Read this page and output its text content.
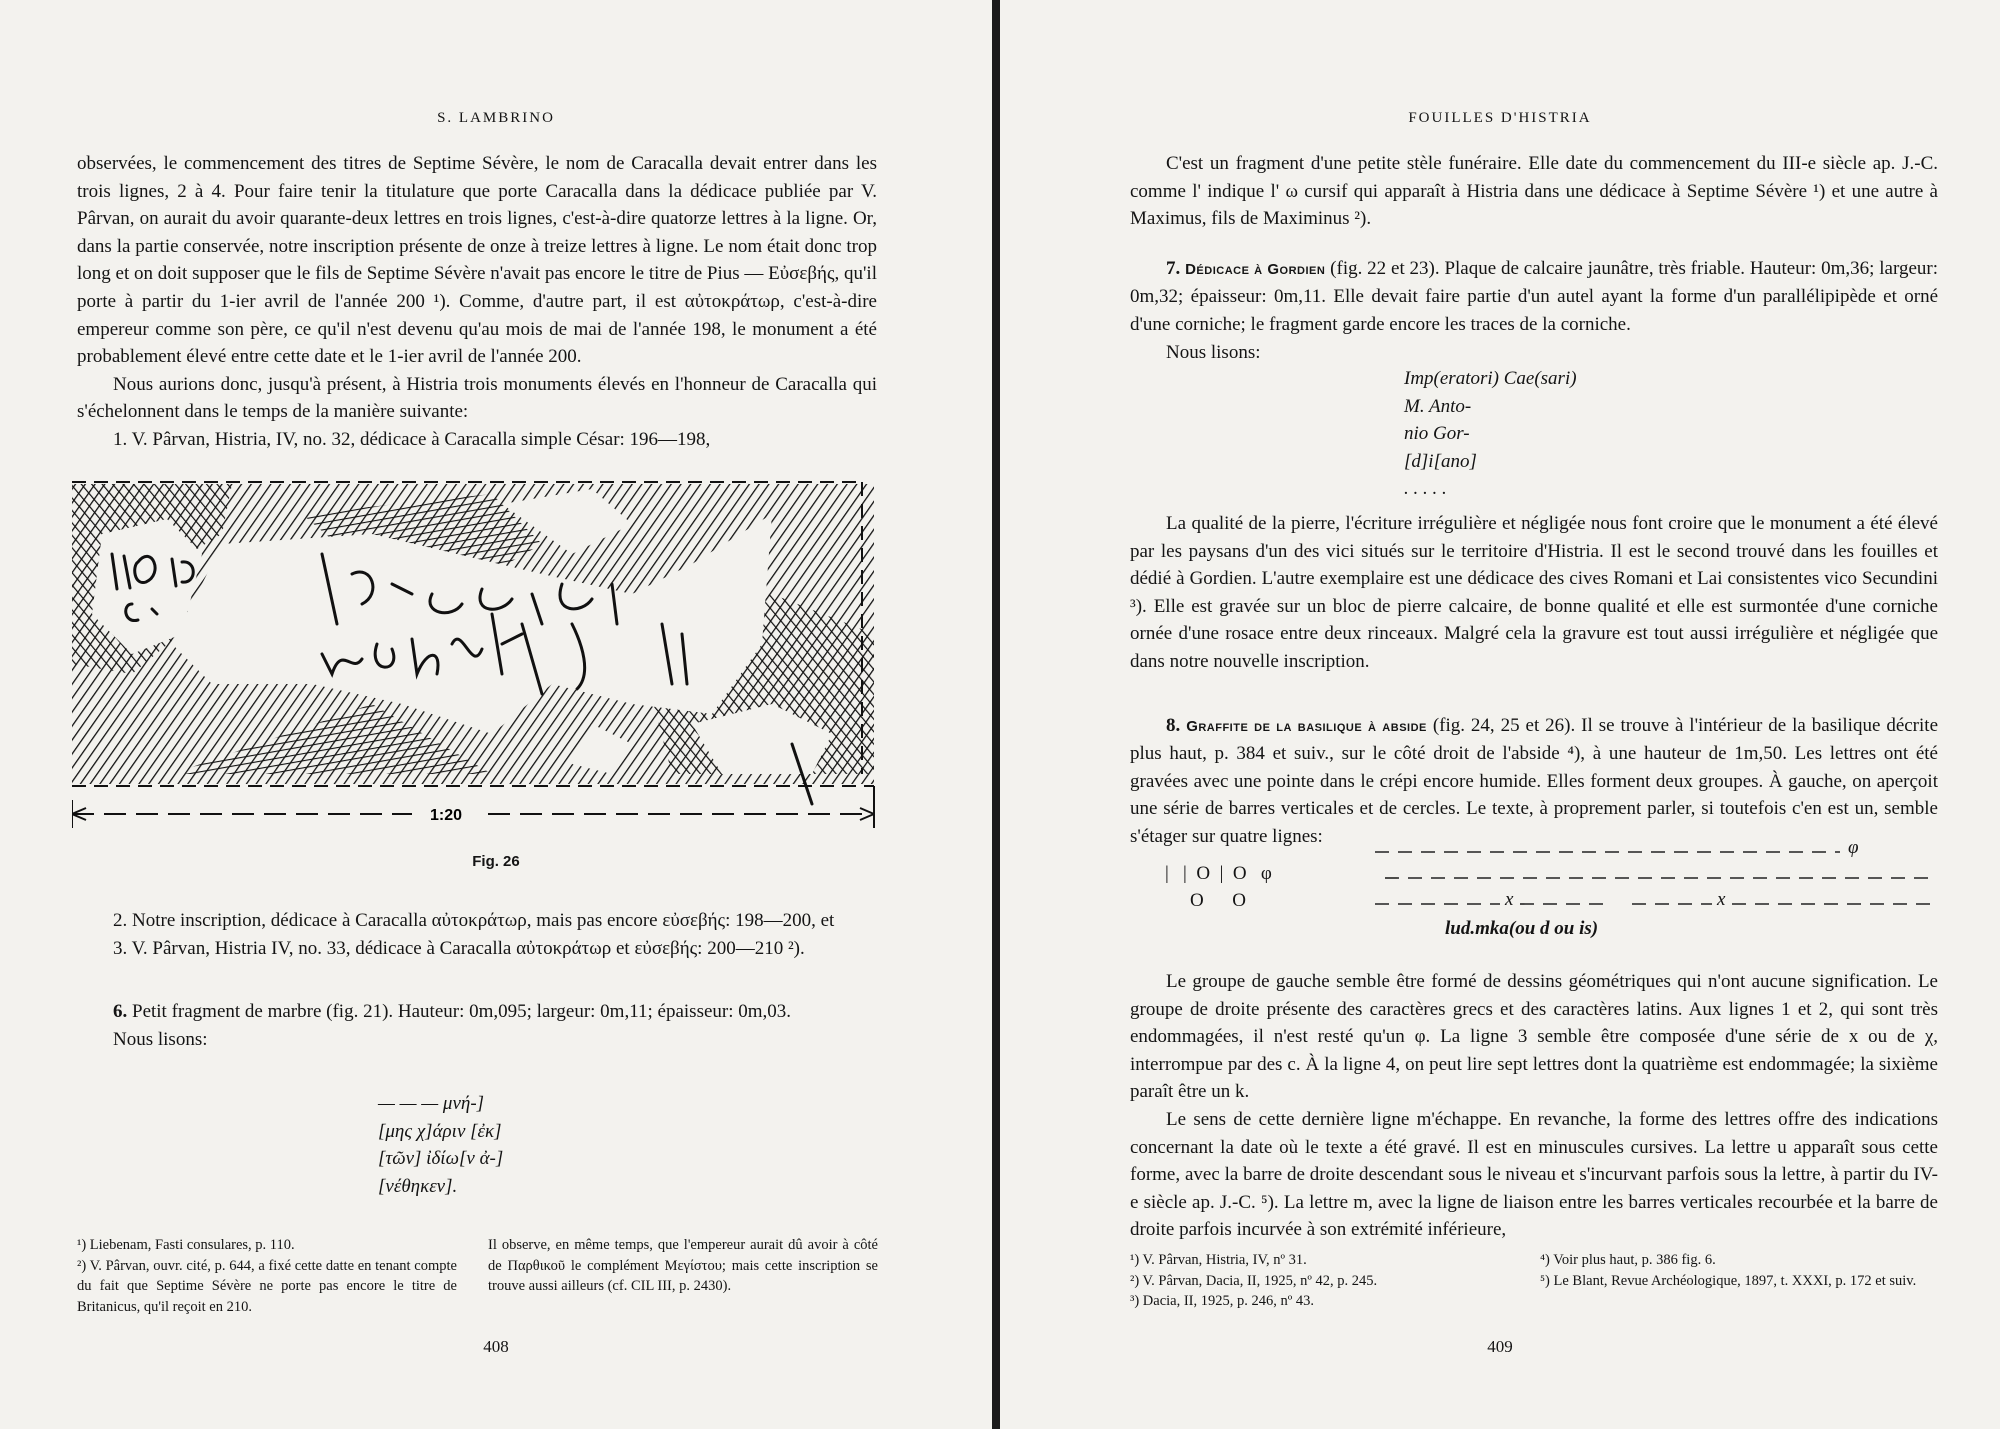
S. LAMBRINO

observées, le commencement des titres de Septime Sévère, le nom de Caracalla devait entrer dans les trois lignes, 2 à 4. Pour faire tenir la titulature que porte Caracalla dans la dédicace publiée par V. Pârvan, on aurait du avoir quarante-deux lettres en trois lignes, c'est-à-dire quatorze lettres à la ligne. Or, dans la partie conservée, notre inscription présente de onze à treize lettres à ligne. Le nom était donc trop long et on doit supposer que le fils de Septime Sévère n'avait pas encore le titre de Pius — Εὐσεβής, qu'il porte à partir du 1-ier avril de l'année 200 ¹). Comme, d'autre part, il est αὐτοκράτωρ, c'est-à-dire empereur comme son père, ce qu'il n'est devenu qu'au mois de mai de l'année 198, le monument a été probablement élevé entre cette date et le 1-ier avril de l'année 200.

Nous aurions donc, jusqu'à présent, à Histria trois monuments élevés en l'honneur de Caracalla qui s'échelonnent dans le temps de la manière suivante:

1. V. Pârvan, Histria, IV, no. 32, dédicace à Caracalla simple César: 196—198,

1:20
Fig. 26

2. Notre inscription, dédicace à Caracalla αὐτοκράτωρ, mais pas encore εὐσεβής: 198—200, et

3. V. Pârvan, Histria IV, no. 33, dédicace à Caracalla αὐτοκράτωρ et εὐσεβής: 200—210 ²).

6. Petit fragment de marbre (fig. 21). Hauteur: 0m,095; largeur: 0m,11; épaisseur: 0m,03.

Nous lisons:

— — — μνή-]
[μης χ]άριν [ἐκ]
[τῶν] ἰδίω[ν ἀ-]
[νέθηκεν].

¹) Liebenam, Fasti consulares, p. 110.

²) V. Pârvan, ouvr. cité, p. 644, a fixé cette datte en tenant compte du fait que Septime Sévère ne porte pas encore le titre de Britanicus, qu'il reçoit en 210.

Il observe, en même temps, que l'empereur aurait dû avoir à côté de Παρθικοῦ le complément Μεγίστου; mais cette inscription se trouve aussi ailleurs (cf. CIL III, p. 2430).

408
FOUILLES D'HISTRIA

C'est un fragment d'une petite stèle funéraire. Elle date du commencement du III-e siècle ap. J.-C. comme l' indique l' ω cursif qui apparaît à Histria dans une dédicace à Septime Sévère ¹) et une autre à Maximus, fils de Maximinus ²).

7. Dédicace à Gordien (fig. 22 et 23). Plaque de calcaire jaunâtre, très friable. Hauteur: 0m,36; largeur: 0m,32; épaisseur: 0m,11. Elle devait faire partie d'un autel ayant la forme d'un parallélipipède et orné d'une corniche; le fragment garde encore les traces de la corniche.

Nous lisons:

Imp(eratori) Cae(sari)
M. Anto-
nio Gor-
[d]i[ano]
. . . . .

La qualité de la pierre, l'écriture irrégulière et négligée nous font croire que le monument a été élevé par les paysans d'un des vici situés sur le territoire d'Histria. Il est le second trouvé dans les fouilles et dédié à Gordien. L'autre exemplaire est une dédicace des cives Romani et Lai consistentes vico Secundini ³). Elle est gravée sur un bloc de pierre calcaire, de bonne qualité et elle est surmontée d'une corniche ornée d'une rosace entre deux rinceaux. Malgré cela la gravure est tout aussi irrégulière et négligée que dans notre nouvelle inscription.

8. Graffite de la basilique à abside (fig. 24, 25 et 26). Il se trouve à l'intérieur de la basilique décrite plus haut, p. 384 et suiv., sur le côté droit de l'abside ⁴), à une hauteur de 1m,50. Les lettres ont été gravées avec une pointe dans le crépi encore humide. Elles forment deux groupes. À gauche, on aperçoit une série de barres verticales et de cercles. Le texte, à proprement parler, si toutefois c'en est un, semble s'étager sur quatre lignes:

φ
|   |  O  |  O   φ
O      O	x	x
lud.mka(ou d ou is)

Le groupe de gauche semble être formé de dessins géométriques qui n'ont aucune signification. Le groupe de droite présente des caractères grecs et des caractères latins. Aux lignes 1 et 2, qui sont très endommagées, il n'est resté qu'un φ. La ligne 3 semble être composée d'une série de x ou de χ, interrompue par des c. À la ligne 4, on peut lire sept lettres dont la quatrième est endommagée; la sixième paraît être un k.

Le sens de cette dernière ligne m'échappe. En revanche, la forme des lettres offre des indications concernant la date où le texte a été gravé. Il est en minuscules cursives. La lettre u apparaît sous cette forme, avec la barre de droite descendant sous le niveau et s'incurvant parfois sous la lettre, à partir du IV-e siècle ap. J.-C. ⁵). La lettre m, avec la ligne de liaison entre les barres verticales recourbée et la barre de droite parfois incurvée à son extrémité inférieure,

¹) V. Pârvan, Histria, IV, nº 31.

²) V. Pârvan, Dacia, II, 1925, nº 42, p. 245.

³) Dacia, II, 1925, p. 246, nº 43.

⁴) Voir plus haut, p. 386 fig. 6.

⁵) Le Blant, Revue Archéologique, 1897, t. XXXI, p. 172 et suiv.

409
